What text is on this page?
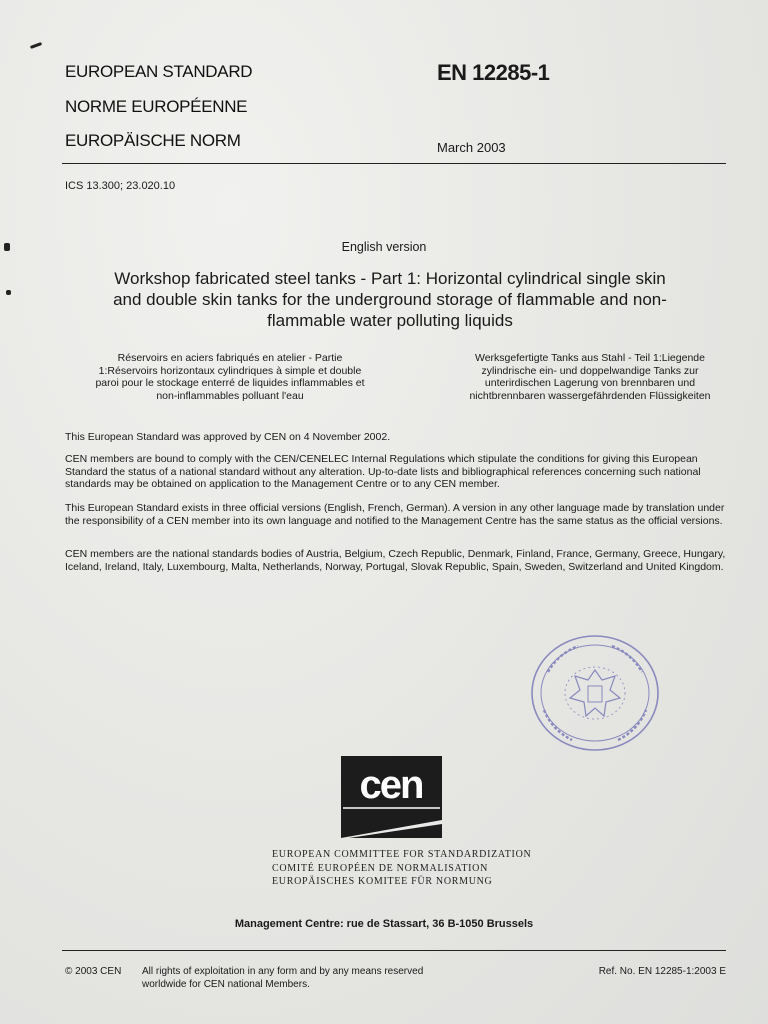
EUROPEAN STANDARD
NORME EUROPÉENNE
EUROPÄISCHE NORM
EN 12285-1
March 2003
ICS 13.300; 23.020.10
English version
Workshop fabricated steel tanks - Part 1: Horizontal cylindrical single skin and double skin tanks for the underground storage of flammable and non-flammable water polluting liquids
Réservoirs en aciers fabriqués en atelier - Partie 1:Réservoirs horizontaux cylindriques à simple et double paroi pour le stockage enterré de liquides inflammables et non-inflammables polluant l'eau
Werksgefertigte Tanks aus Stahl - Teil 1:Liegende zylindrische ein- und doppelwandige Tanks zur unterirdischen Lagerung von brennbaren und nichtbrennbaren wassergefährdenden Flüssigkeiten
This European Standard was approved by CEN on 4 November 2002.
CEN members are bound to comply with the CEN/CENELEC Internal Regulations which stipulate the conditions for giving this European Standard the status of a national standard without any alteration. Up-to-date lists and bibliographical references concerning such national standards may be obtained on application to the Management Centre or to any CEN member.
This European Standard exists in three official versions (English, French, German). A version in any other language made by translation under the responsibility of a CEN member into its own language and notified to the Management Centre has the same status as the official versions.
CEN members are the national standards bodies of Austria, Belgium, Czech Republic, Denmark, Finland, France, Germany, Greece, Hungary, Iceland, Ireland, Italy, Luxembourg, Malta, Netherlands, Norway, Portugal, Slovak Republic, Spain, Sweden, Switzerland and United Kingdom.
cen
EUROPEAN COMMITTEE FOR STANDARDIZATION
COMITÉ EUROPÉEN DE NORMALISATION
EUROPÄISCHES KOMITEE FÜR NORMUNG
Management Centre: rue de Stassart, 36 B-1050 Brussels
© 2003 CEN All rights of exploitation in any form and by any means reserved worldwide for CEN national Members.
Ref. No. EN 12285-1:2003 E
